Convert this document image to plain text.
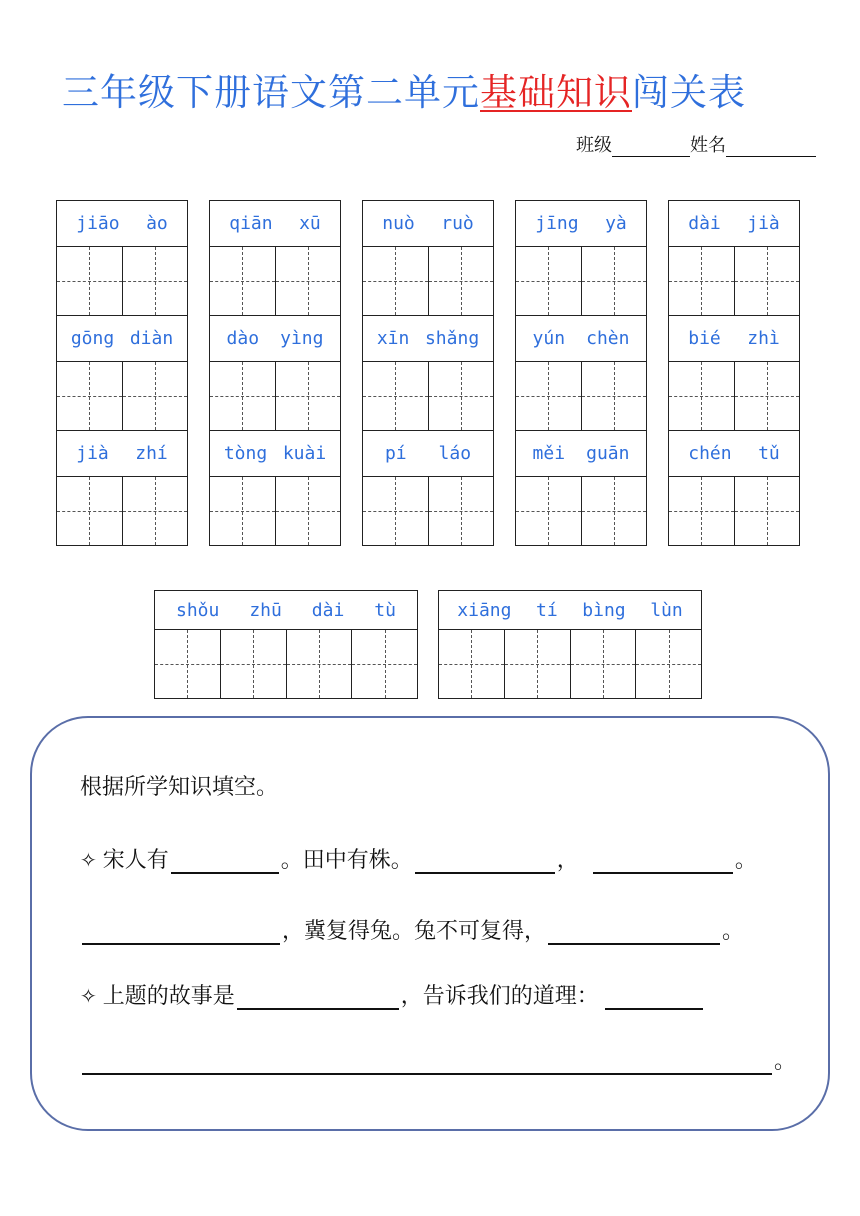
三年级下册语文第二单元基础知识闯关表
班级	姓名
jiāo ào	qiān xū	nuò ruò	jīng yà	dài jià
gōng diàn	dào yìng	xīn shǎng	yún chèn	bié zhì
jià zhí	tòng kuài	pí láo	měi guān	chén tǔ
shǒu zhū dài tù	xiāng tí bìng lùn
根据所学知识填空。
✧ 宋人有	。田中有株。	，	。
，冀复得兔。兔不可复得，	。
✧ 上题的故事是	，告诉我们的道理：
。
